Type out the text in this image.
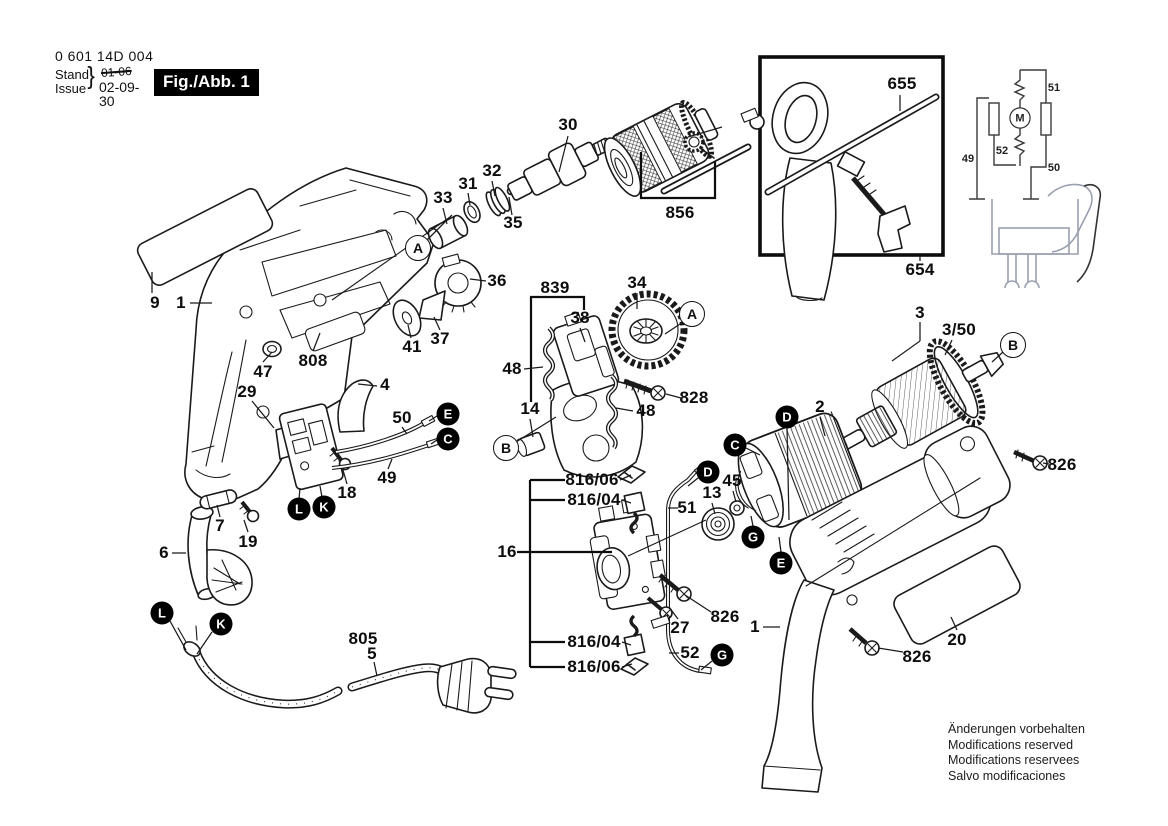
30
32
31
33
35
856
655
654
36
37
41
808
47
29
9 1
4
50
49
18
7
19
6
839
38
48
48
14
34
828
3
3/50
2
45
13
51
16
816/06
816/04
816/04
816/06
826
27
52
805
5	826
826
20
1
49
51
52
50
M
A
A
B
B
E
C
L	K
L
K
D
C
D
G
E
G
0 601 14D 004
Stand
Issue } 01-06
02-09-30
Fig./Abb. 1
Änderungen vorbehalten
Modifications reserved
Modifications reservees
Salvo modificaciones
